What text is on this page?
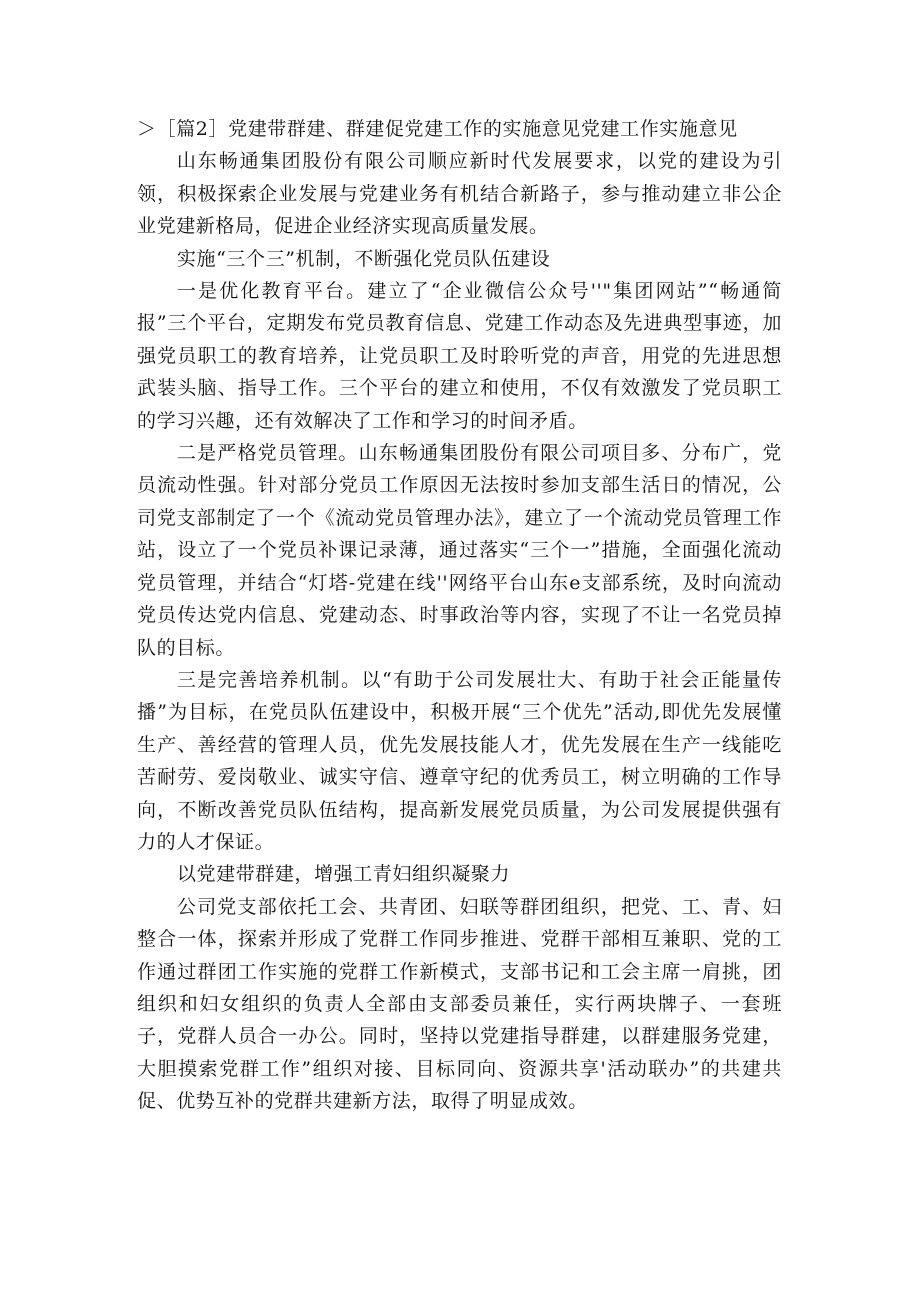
＞［篇2］党建带群建、群建促党建工作的实施意见党建工作实施意见

山东畅通集团股份有限公司顺应新时代发展要求，以党的建设为引领，积极探索企业发展与党建业务有机结合新路子，参与推动建立非公企业党建新格局，促进企业经济实现高质量发展。

实施“三个三”机制，不断强化党员队伍建设

一是优化教育平台。建立了“企业微信公众号''"集团网站”“畅通简报”三个平台，定期发布党员教育信息、党建工作动态及先进典型事迹，加强党员职工的教育培养，让党员职工及时聆听党的声音，用党的先进思想武装头脑、指导工作。三个平台的建立和使用，不仅有效激发了党员职工的学习兴趣，还有效解决了工作和学习的时间矛盾。

二是严格党员管理。山东畅通集团股份有限公司项目多、分布广，党员流动性强。针对部分党员工作原因无法按时参加支部生活日的情况，公司党支部制定了一个《流动党员管理办法》，建立了一个流动党员管理工作站，设立了一个党员补课记录薄，通过落实“三个一”措施，全面强化流动党员管理，并结合“灯塔-党建在线''网络平台山东e支部系统，及时向流动党员传达党内信息、党建动态、时事政治等内容，实现了不让一名党员掉队的目标。

三是完善培养机制。以“有助于公司发展壮大、有助于社会正能量传播”为目标，在党员队伍建设中，积极开展“三个优先”活动,即优先发展懂生产、善经营的管理人员，优先发展技能人才，优先发展在生产一线能吃苦耐劳、爱岗敬业、诚实守信、遵章守纪的优秀员工，树立明确的工作导向，不断改善党员队伍结构，提高新发展党员质量，为公司发展提供强有力的人才保证。

以党建带群建，增强工青妇组织凝聚力

公司党支部依托工会、共青团、妇联等群团组织，把党、工、青、妇整合一体，探索并形成了党群工作同步推进、党群干部相互兼职、党的工作通过群团工作实施的党群工作新模式，支部书记和工会主席一肩挑，团组织和妇女组织的负责人全部由支部委员兼任，实行两块牌子、一套班子，党群人员合一办公。同时，坚持以党建指导群建，以群建服务党建，大胆摸索党群工作”组织对接、目标同向、资源共享'活动联办”的共建共促、优势互补的党群共建新方法，取得了明显成效。
